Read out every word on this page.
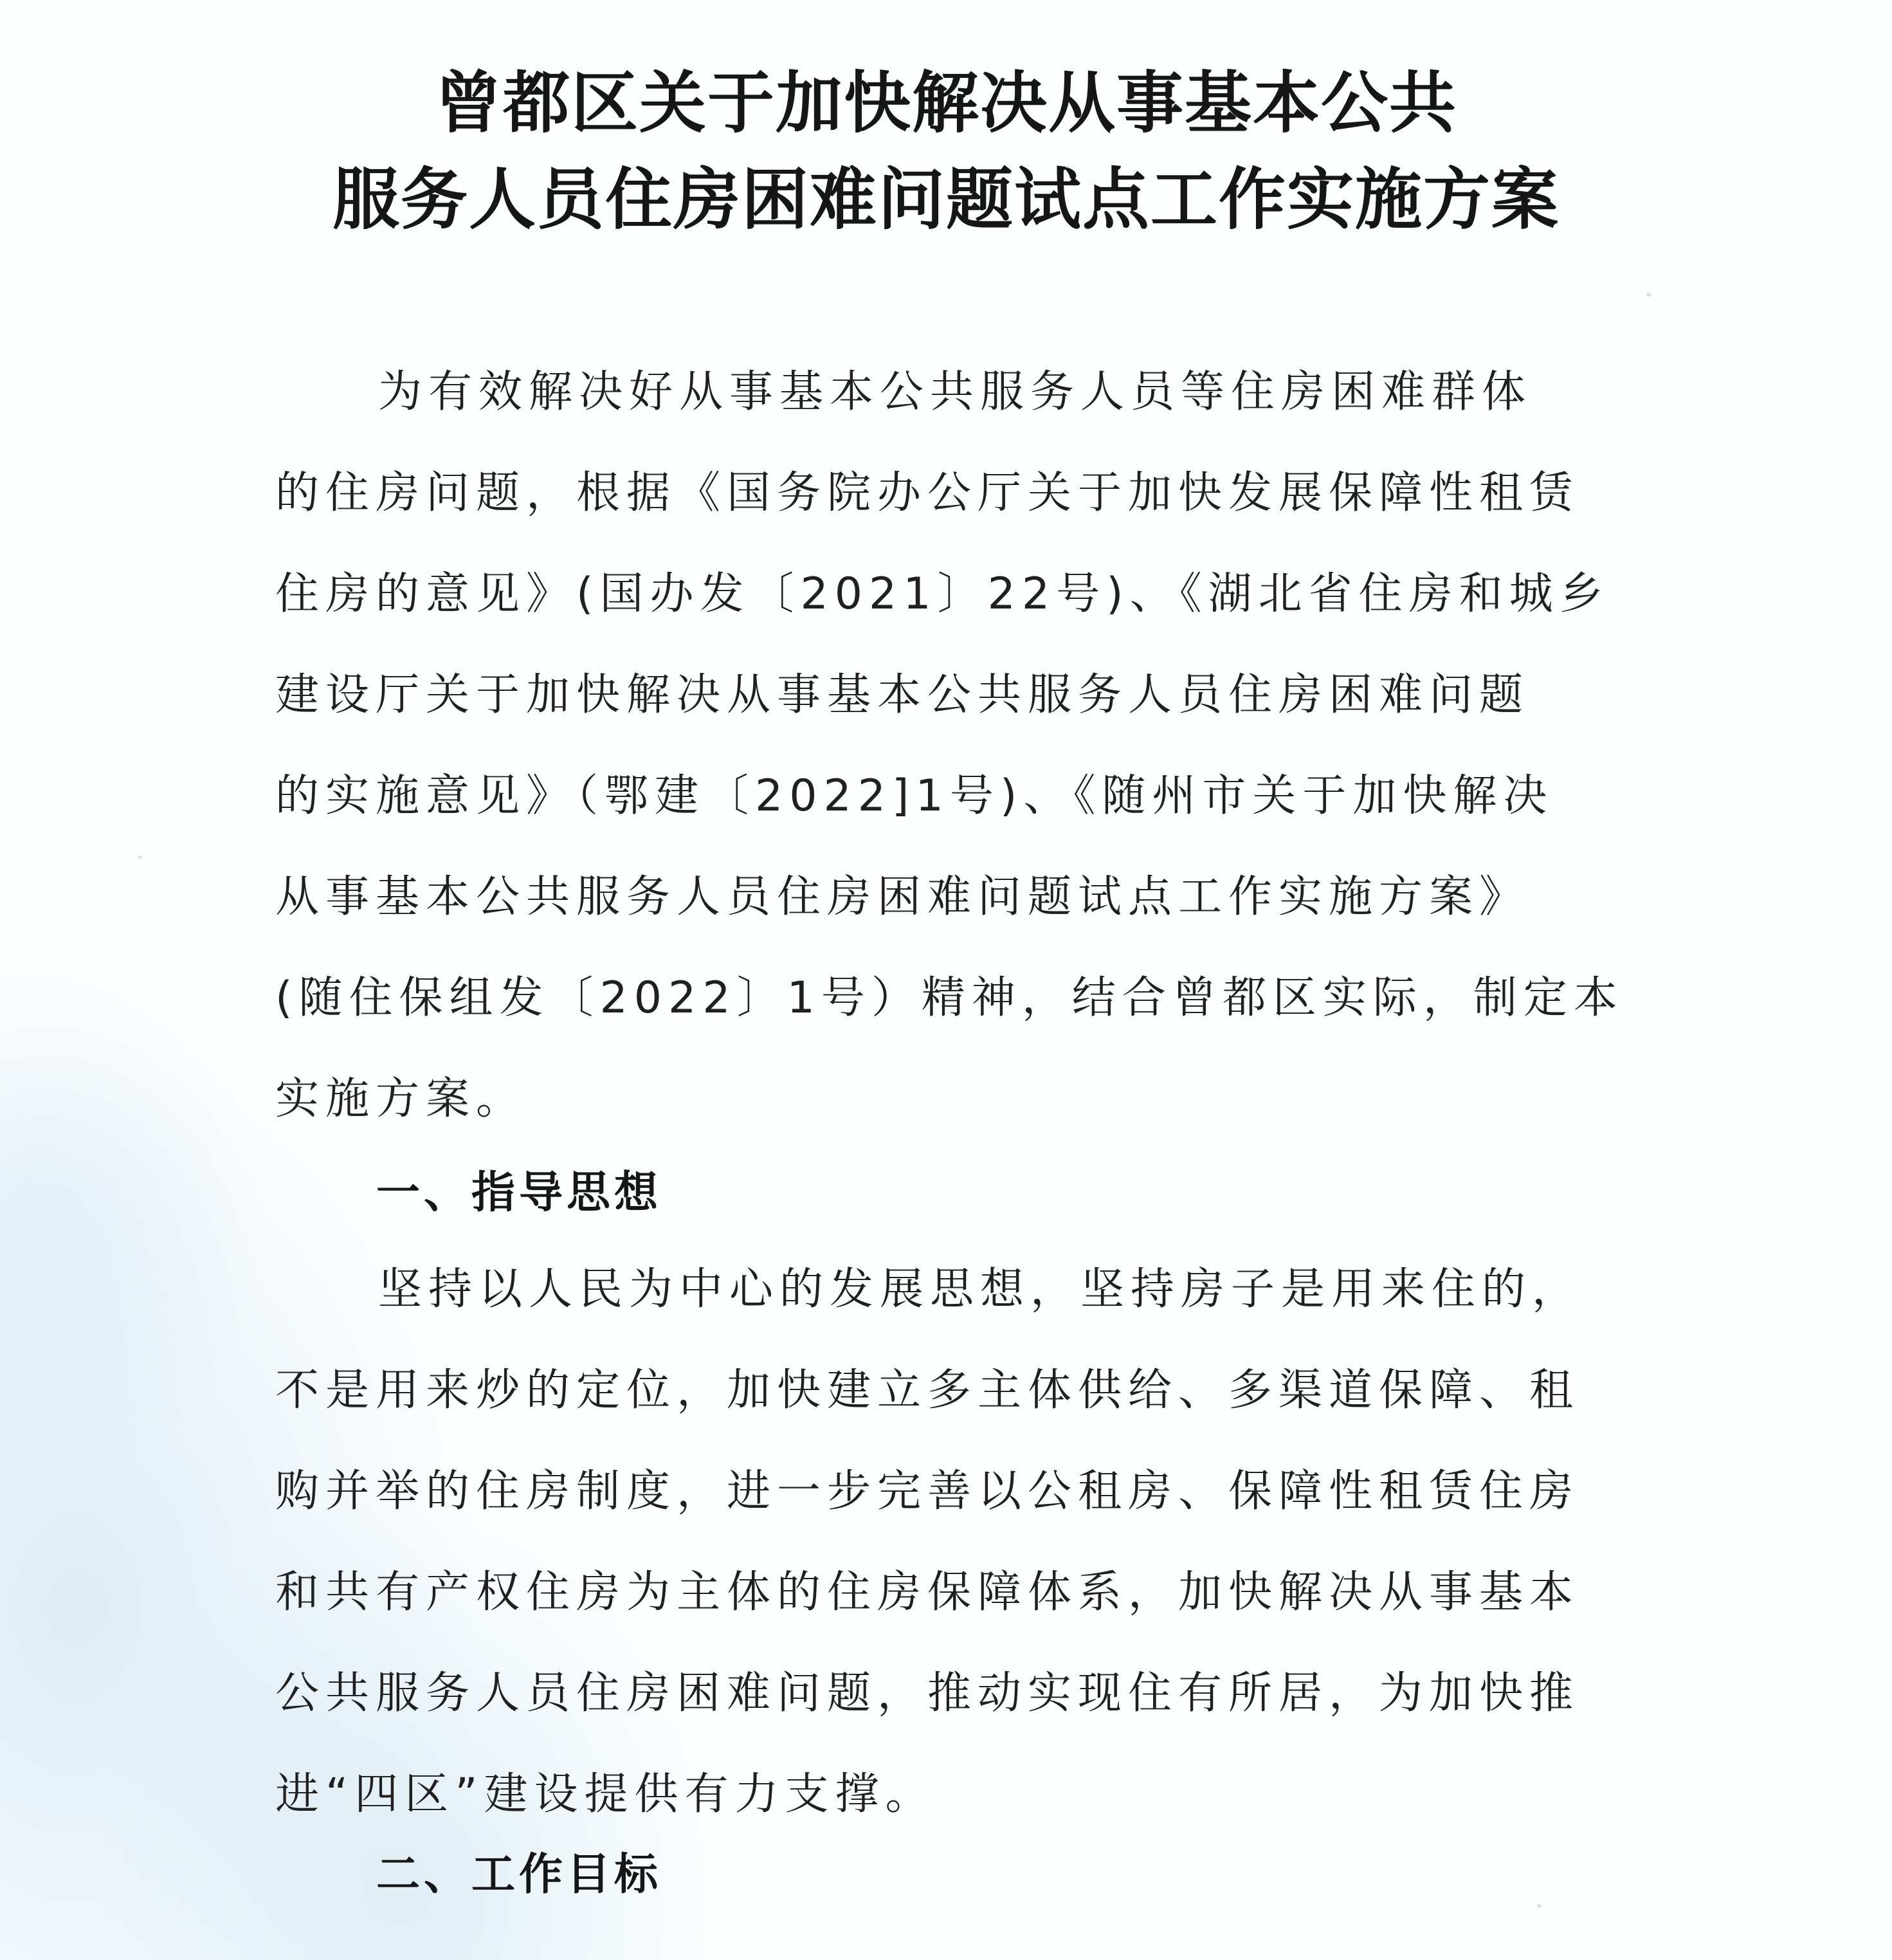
曾都区关于加快解决从事基本公共
服务人员住房困难问题试点工作实施方案
为有效解决好从事基本公共服务人员等住房困难群体
的住房问题，根据《国务院办公厅关于加快发展保障性租赁
住房的意见》(国办发〔2021〕22号)、《湖北省住房和城乡
建设厅关于加快解决从事基本公共服务人员住房困难问题
的实施意见》（鄂建〔2022]1号)、《随州市关于加快解决
从事基本公共服务人员住房困难问题试点工作实施方案》
(随住保组发〔2022〕1号）精神，结合曾都区实际，制定本
实施方案。
一、指导思想
坚持以人民为中心的发展思想，坚持房子是用来住的，
不是用来炒的定位，加快建立多主体供给、多渠道保障、租
购并举的住房制度，进一步完善以公租房、保障性租赁住房
和共有产权住房为主体的住房保障体系，加快解决从事基本
公共服务人员住房困难问题，推动实现住有所居，为加快推
进“四区”建设提供有力支撑。
二、工作目标
